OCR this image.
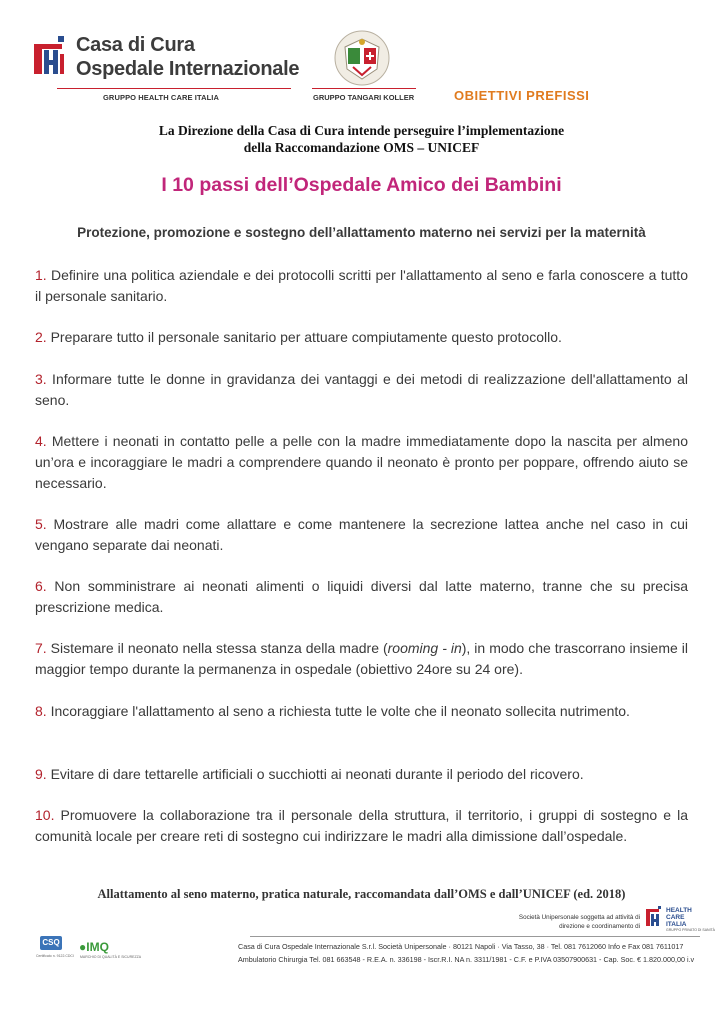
Casa di Cura
Ospedale Internazionale
GRUPPO HEALTH CARE ITALIA	GRUPPO TANGARI KOLLER	OBIETTIVI PREFISSI
La Direzione della Casa di Cura intende perseguire l’implementazione
della Raccomandazione OMS – UNICEF
I 10 passi dell’Ospedale Amico dei Bambini
Protezione, promozione e sostegno dell’allattamento materno nei servizi per la maternità
1. Definire una politica aziendale e dei protocolli scritti per l'allattamento al seno e farla conoscere a tutto il personale sanitario.
2. Preparare tutto il personale sanitario per attuare compiutamente questo protocollo.
3. Informare tutte le donne in gravidanza dei vantaggi e dei metodi di realizzazione dell'allattamento al seno.
4. Mettere i neonati in contatto pelle a pelle con la madre immediatamente dopo la nascita per almeno un’ora e incoraggiare le madri a comprendere quando il neonato è pronto per poppare, offrendo aiuto se necessario.
5. Mostrare alle madri come allattare e come mantenere la secrezione lattea anche nel caso in cui vengano separate dai neonati.
6. Non somministrare ai neonati alimenti o liquidi diversi dal latte materno, tranne che su precisa prescrizione medica.
7. Sistemare il neonato nella stessa stanza della madre (rooming - in), in modo che trascorrano insieme il maggior tempo durante la permanenza in ospedale (obiettivo 24ore su 24 ore).
8. Incoraggiare l'allattamento al seno a richiesta tutte le volte che il neonato sollecita nutrimento.
9. Evitare di dare tettarelle artificiali o succhiotti ai neonati durante il periodo del ricovero.
10. Promuovere la collaborazione tra il personale della struttura, il territorio, i gruppi di sostegno e la comunità locale per creare reti di sostegno cui indirizzare le madri alla dimissione dall’ospedale.
Allattamento al seno materno, pratica naturale, raccomandata dall’OMS e dall’UNICEF (ed. 2018)
Società Unipersonale soggetta ad attività di
direzione e coordinamento di
HEALTH
CARE
ITALIA
GRUPPO PRIVATO DI SANITÀ
CSQ
Certificato n. 9122.CDCI
●IMQ
MARCHIO DI QUALITÀ E SICUREZZA
Casa di Cura Ospedale Internazionale S.r.l. Società Unipersonale · 80121 Napoli · Via Tasso, 38 · Tel. 081 7612060 Info e Fax 081 7611017
Ambulatorio Chirurgia Tel. 081 663548 - R.E.A. n. 336198 - Iscr.R.I. NA n. 3311/1981 - C.F. e P.IVA 03507900631 - Cap. Soc. € 1.820.000,00 i.v
